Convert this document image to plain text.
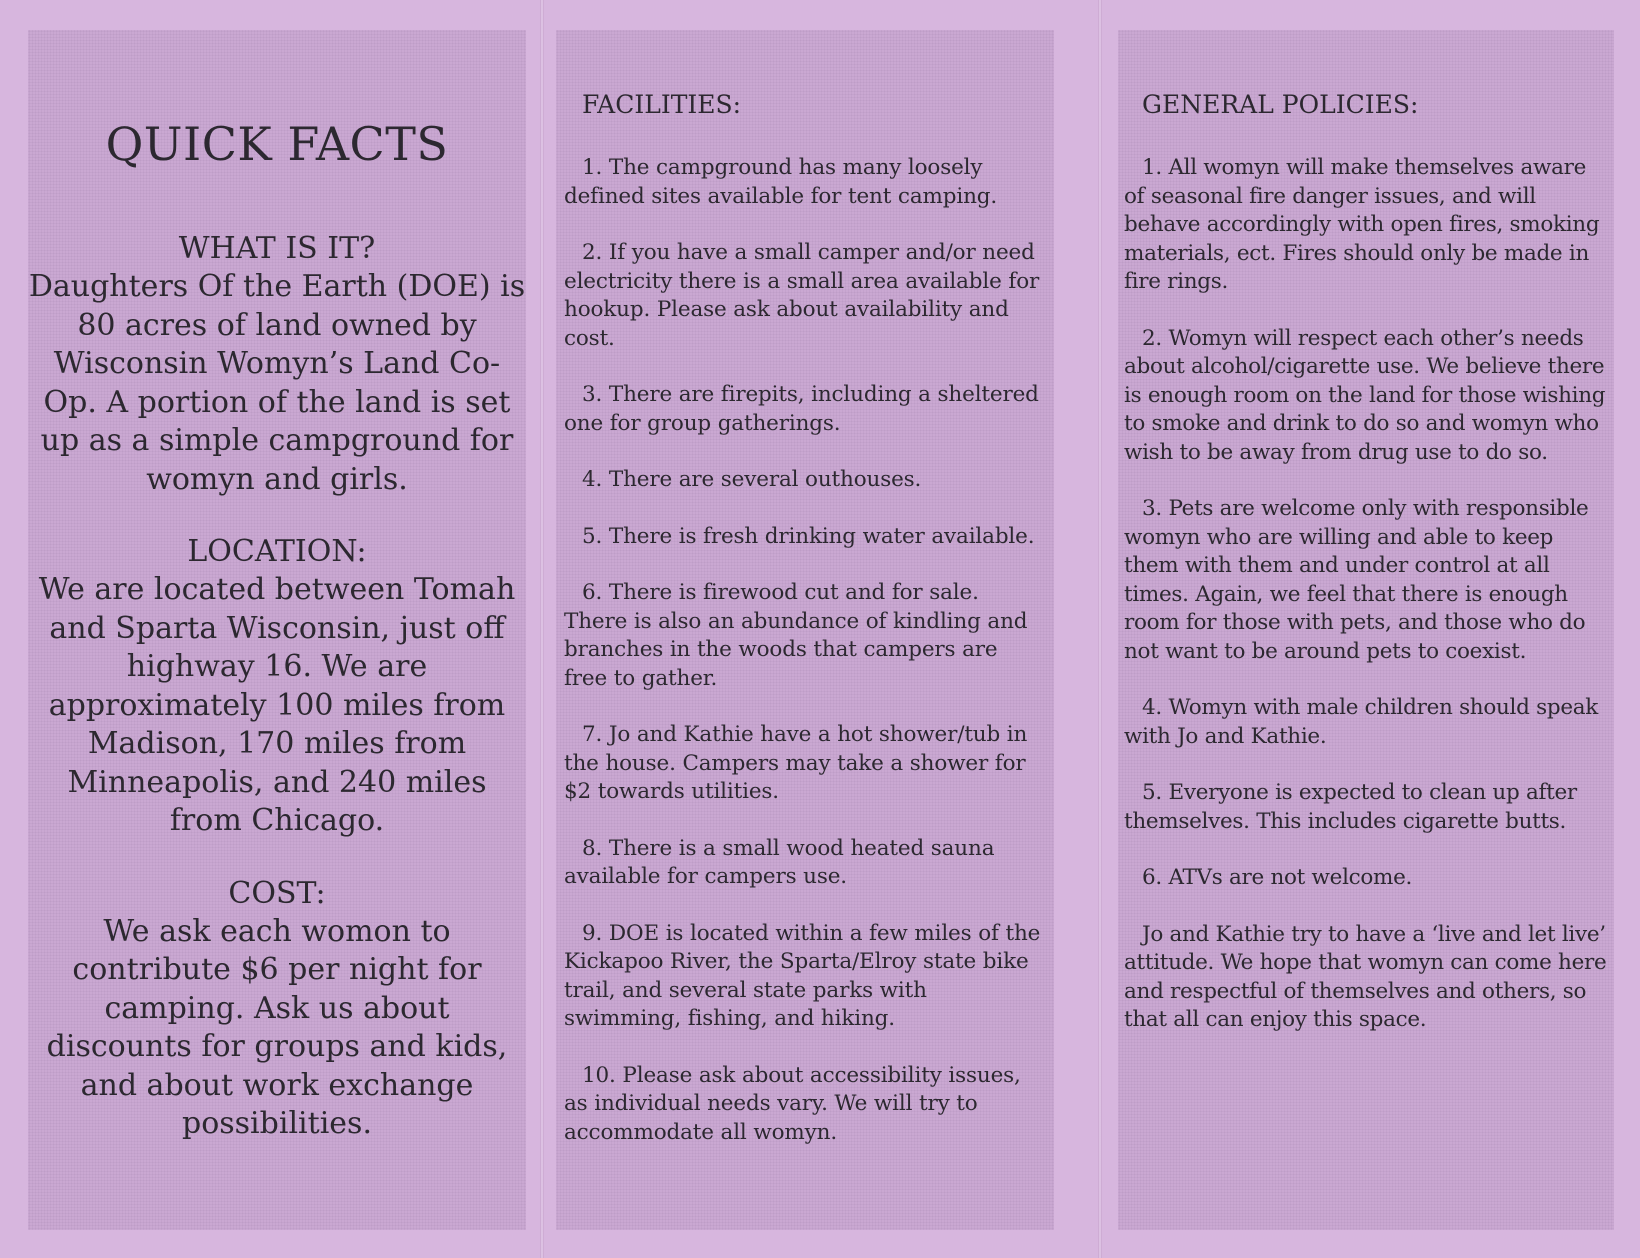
QUICK FACTS
WHAT IS IT?

Daughters Of the Earth (DOE) is 80 acres of land owned by Wisconsin Womyn’s Land Co-Op. A portion of the land is set up as a simple campground for womyn and girls.

LOCATION:

We are located between Tomah and Sparta Wisconsin, just off highway 16. We are approximately 100 miles from Madison, 170 miles from Minneapolis, and 240 miles from Chicago.

COST:

We ask each womon to contribute $6 per night for camping. Ask us about discounts for groups and kids, and about work exchange possibilities.

FACILITIES:

1. The campground has many loosely defined sites available for tent camping.

2. If you have a small camper and/or need electricity there is a small area available for hookup. Please ask about availability and cost.

3. There are firepits, including a sheltered one for group gatherings.

4. There are several outhouses.

5. There is fresh drinking water available.

6. There is firewood cut and for sale. There is also an abundance of kindling and branches in the woods that campers are free to gather.

7. Jo and Kathie have a hot shower/tub in the house. Campers may take a shower for $2 towards utilities.

8. There is a small wood heated sauna available for campers use.

9. DOE is located within a few miles of the Kickapoo River, the Sparta/Elroy state bike trail, and several state parks with swimming, fishing, and hiking.

10. Please ask about accessibility issues, as individual needs vary. We will try to accommodate all womyn.

GENERAL POLICIES:

1. All womyn will make themselves aware of seasonal fire danger issues, and will behave accordingly with open fires, smoking materials, ect. Fires should only be made in fire rings.

2. Womyn will respect each other’s needs about alcohol/cigarette use. We believe there is enough room on the land for those wishing to smoke and drink to do so and womyn who wish to be away from drug use to do so.

3. Pets are welcome only with responsible womyn who are willing and able to keep them with them and under control at all times. Again, we feel that there is enough room for those with pets, and those who do not want to be around pets to coexist.

4. Womyn with male children should speak with Jo and Kathie.

5. Everyone is expected to clean up after themselves. This includes cigarette butts.

6. ATVs are not welcome.

Jo and Kathie try to have a ‘live and let live’ attitude. We hope that womyn can come here and respectful of themselves and others, so that all can enjoy this space.
